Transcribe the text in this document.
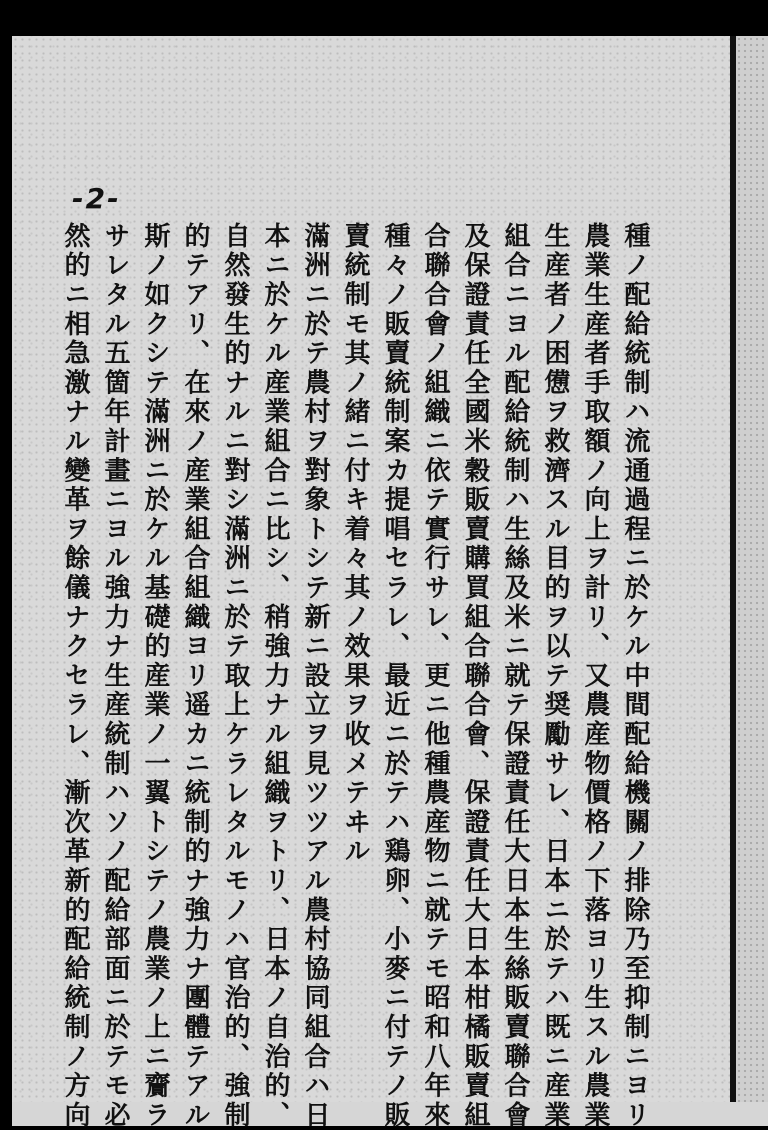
-2-
種ノ配給統制ハ流通過程ニ於ケル中間配給機關ノ排除乃至抑制ニヨリ
農業生産者手取額ノ向上ヲ計リ、又農産物價格ノ下落ヨリ生スル農業
生産者ノ困憊ヲ救濟スル目的ヲ以テ奨勵サレ、日本ニ於テハ既ニ産業
組合ニヨル配給統制ハ生絲及米ニ就テ保證責任大日本生絲販賣聯合會
及保證責任全國米穀販賣購買組合聯合會、保證責任大日本柑橘販賣組
合聯合會ノ組織ニ依テ實行サレ、更ニ他種農産物ニ就テモ昭和八年來
種々ノ販賣統制案カ提唱セラレ、最近ニ於テハ鶏卵、小麥ニ付テノ販
賣統制モ其ノ緒ニ付キ着々其ノ效果ヲ收メテヰル
滿洲ニ於テ農村ヲ對象トシテ新ニ設立ヲ見ツツアル農村協同組合ハ日
本ニ於ケル産業組合ニ比シ、稍強力ナル組織ヲトリ、日本ノ自治的、
自然發生的ナルニ對シ滿洲ニ於テ取上ケラレタルモノハ官治的、強制
的テアリ、在來ノ産業組合組織ヨリ遥カニ統制的ナ強力ナ團體テアル
斯ノ如クシテ滿洲ニ於ケル基礎的産業ノ一翼トシテノ農業ノ上ニ齎ラ
サレタル五箇年計畫ニヨル強力ナ生産統制ハソノ配給部面ニ於テモ必
然的ニ相急激ナル變革ヲ餘儀ナクセラレ、漸次革新的配給統制ノ方向
